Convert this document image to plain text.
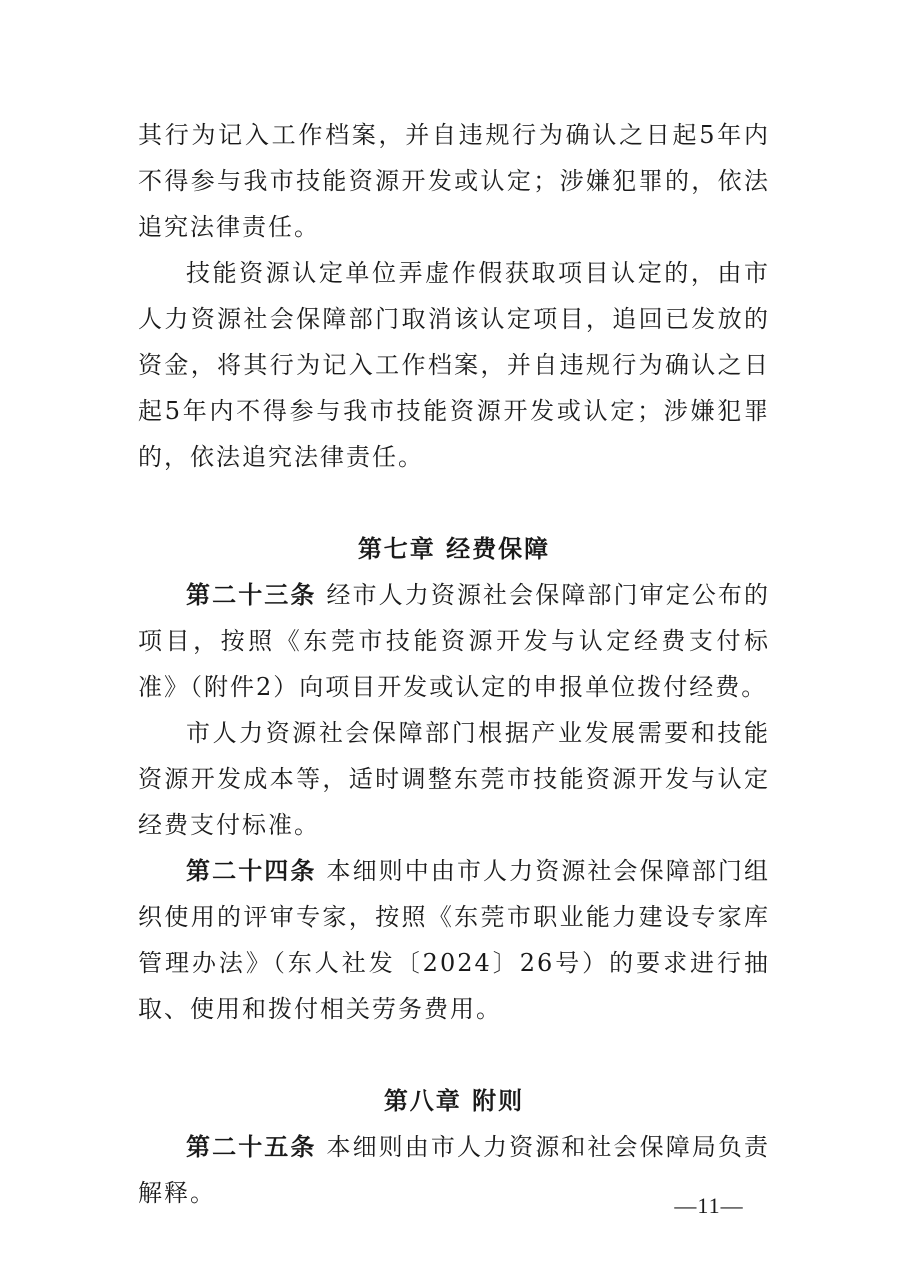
其行为记入工作档案，并自违规行为确认之日起5年内不得参与我市技能资源开发或认定；涉嫌犯罪的，依法追究法律责任。

技能资源认定单位弄虚作假获取项目认定的，由市人力资源社会保障部门取消该认定项目，追回已发放的资金，将其行为记入工作档案，并自违规行为确认之日起5年内不得参与我市技能资源开发或认定；涉嫌犯罪的，依法追究法律责任。

第七章 经费保障

第二十三条 经市人力资源社会保障部门审定公布的项目，按照《东莞市技能资源开发与认定经费支付标准》（附件2）向项目开发或认定的申报单位拨付经费。

市人力资源社会保障部门根据产业发展需要和技能资源开发成本等，适时调整东莞市技能资源开发与认定经费支付标准。

第二十四条 本细则中由市人力资源社会保障部门组织使用的评审专家，按照《东莞市职业能力建设专家库管理办法》（东人社发〔2024〕26号）的要求进行抽取、使用和拨付相关劳务费用。

第八章 附则

第二十五条 本细则由市人力资源和社会保障局负责解释。	—11—
